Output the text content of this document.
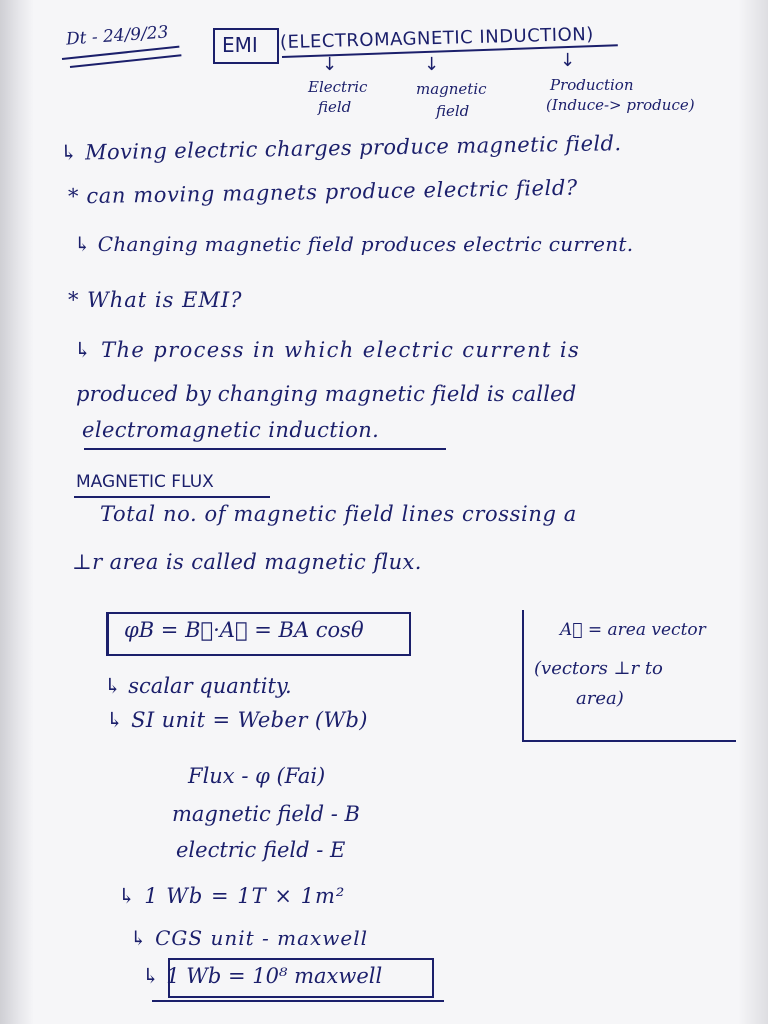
Dt - 24/9/23	EMI (ELECTROMAGNETIC INDUCTION)
↓	↓	↓
Electric
field
magnetic
field
Production
(Induce-> produce)
↳ Moving electric charges produce magnetic field.
* can moving magnets produce electric field?
↳ Changing magnetic field produces electric current.
* What is EMI?
↳ The process in which electric current is
produced by changing magnetic field is called
electromagnetic induction.
MAGNETIC FLUX
Total no. of magnetic field lines crossing a
⊥r area is called magnetic flux.
φB = B⃗·A⃗ = BA cosθ	A⃗ = area vector
(vectors ⊥r to
area)
↳ scalar quantity.
↳ SI unit = Weber (Wb)
Flux - φ (Fai)
magnetic field - B
electric field - E
↳ 1 Wb = 1T × 1m²
↳ CGS unit - maxwell
↳ 1 Wb = 10⁸ maxwell
